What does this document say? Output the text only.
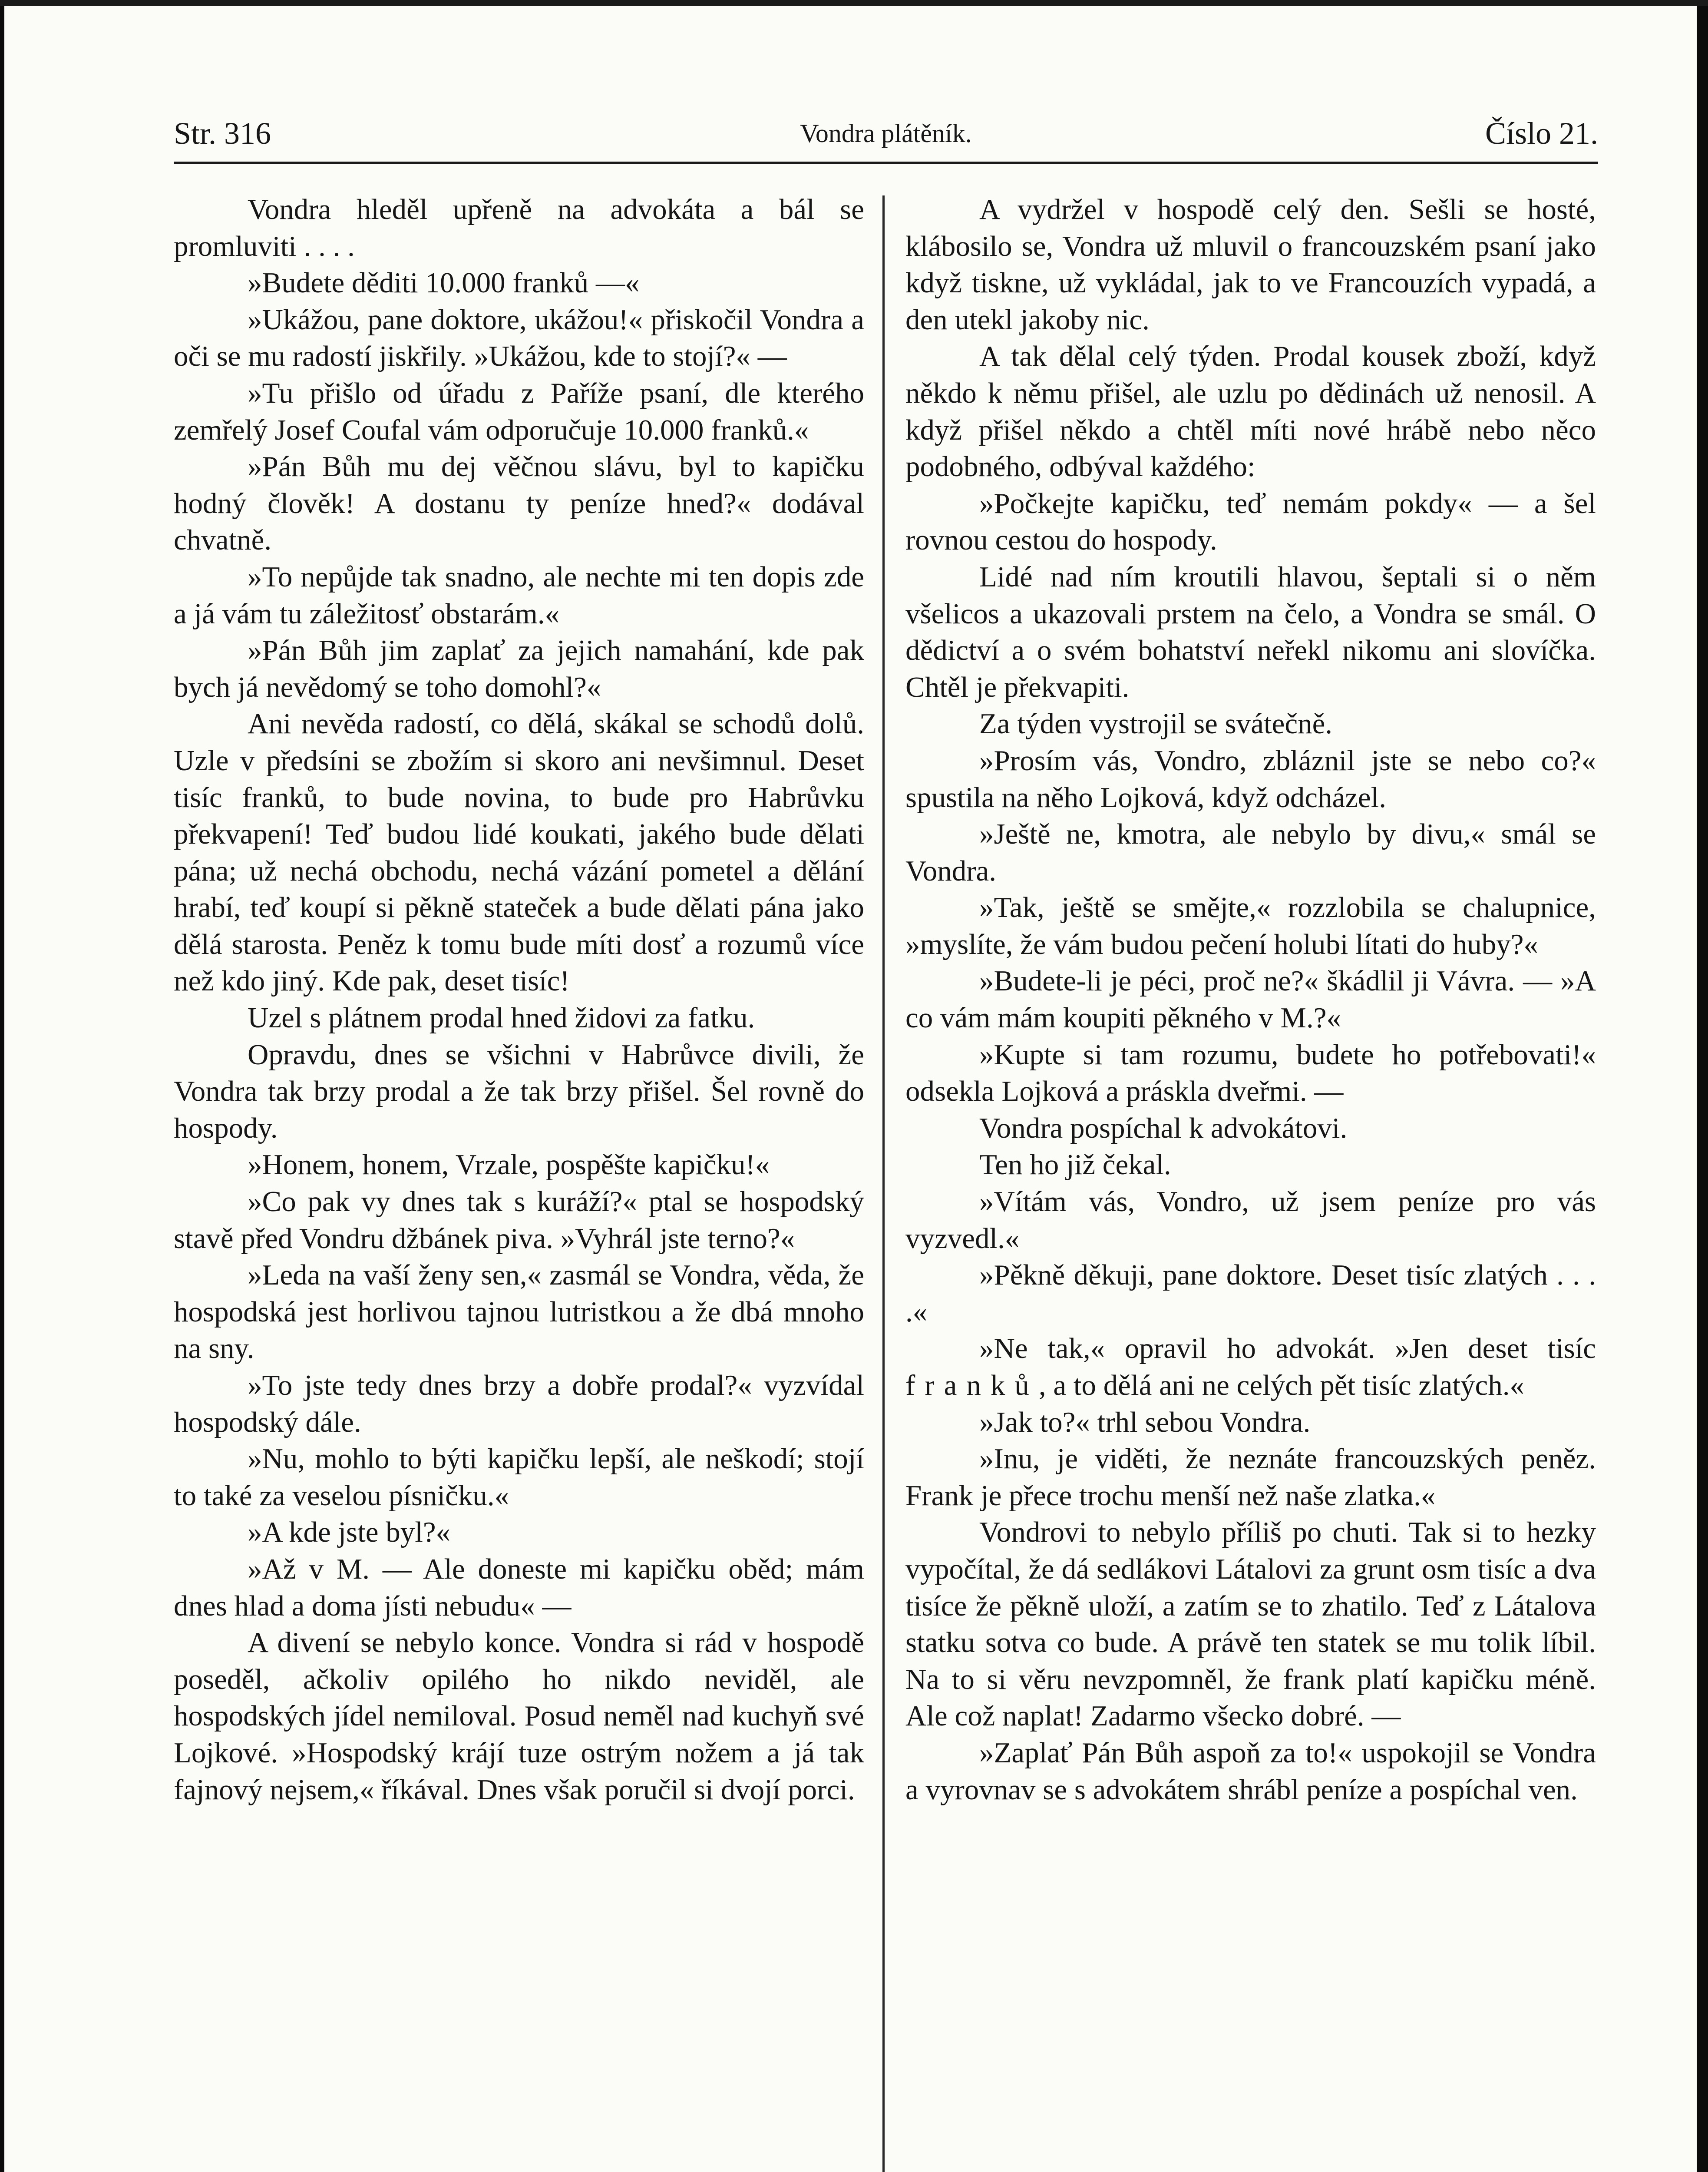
Str. 316	Vondra plátěník.	Číslo 21.

Vondra hleděl upřeně na advokáta a bál se promluviti . . . .

»Budete děditi 10.000 franků —«

»Ukážou, pane doktore, ukážou!« přiskočil Vondra a oči se mu radostí jiskřily. »Ukážou, kde to stojí?« —

»Tu přišlo od úřadu z Paříže psaní, dle kterého zemřelý Josef Coufal vám odporučuje 10.000 franků.«

»Pán Bůh mu dej věčnou slávu, byl to kapičku hodný člověk! A dostanu ty peníze hned?« dodával chvatně.

»To nepůjde tak snadno, ale nechte mi ten dopis zde a já vám tu záležitosť obstarám.«

»Pán Bůh jim zaplať za jejich namahání, kde pak bych já nevědomý se toho domohl?«

Ani nevěda radostí, co dělá, skákal se schodů dolů. Uzle v předsíni se zbožím si skoro ani nevšimnul. Deset tisíc franků, to bude novina, to bude pro Habrůvku překvapení! Teď budou lidé koukati, jakého bude dělati pána; už nechá obchodu, nechá vázání pometel a dělání hrabí, teď koupí si pěkně stateček a bude dělati pána jako dělá starosta. Peněz k tomu bude míti dosť a rozumů více než kdo jiný. Kde pak, deset tisíc!

Uzel s plátnem prodal hned židovi za fatku.

Opravdu, dnes se všichni v Habrůvce divili, že Vondra tak brzy prodal a že tak brzy přišel. Šel rovně do hospody.

»Honem, honem, Vrzale, pospěšte kapičku!«

»Co pak vy dnes tak s kuráží?« ptal se hospodský stavě před Vondru džbánek piva. »Vyhrál jste terno?«

»Leda na vaší ženy sen,« zasmál se Vondra, věda, že hospodská jest horlivou tajnou lutristkou a že dbá mnoho na sny.

»To jste tedy dnes brzy a dobře prodal?« vyzvídal hospodský dále.

»Nu, mohlo to býti kapičku lepší, ale neškodí; stojí to také za veselou písničku.«

»A kde jste byl?«

»Až v M. — Ale doneste mi kapičku oběd; mám dnes hlad a doma jísti nebudu« —

A divení se nebylo konce. Vondra si rád v hospodě poseděl, ačkoliv opilého ho nikdo neviděl, ale hospodských jídel nemiloval. Posud neměl nad kuchyň své Lojkové. »Hospodský krájí tuze ostrým nožem a já tak fajnový nejsem,« říkával. Dnes však poručil si dvojí porci.

A vydržel v hospodě celý den. Sešli se hosté, klábosilo se, Vondra už mluvil o francouzském psaní jako když tiskne, už vykládal, jak to ve Francouzích vypadá, a den utekl jakoby nic.

A tak dělal celý týden. Prodal kousek zboží, když někdo k němu přišel, ale uzlu po dědinách už nenosil. A když přišel někdo a chtěl míti nové hrábě nebo něco podobného, odbýval každého:

»Počkejte kapičku, teď nemám pokdy« — a šel rovnou cestou do hospody.

Lidé nad ním kroutili hlavou, šeptali si o něm všelicos a ukazovali prstem na čelo, a Vondra se smál. O dědictví a o svém bohatství neřekl nikomu ani slovíčka. Chtěl je překvapiti.

Za týden vystrojil se svátečně.

»Prosím vás, Vondro, zbláznil jste se nebo co?« spustila na něho Lojková, když odcházel.

»Ještě ne, kmotra, ale nebylo by divu,« smál se Vondra.

»Tak, ještě se smějte,« rozzlobila se chalupnice, »myslíte, že vám budou pečení holubi lítati do huby?«

»Budete-li je péci, proč ne?« škádlil ji Vávra. — »A co vám mám koupiti pěkného v M.?«

»Kupte si tam rozumu, budete ho potřebovati!« odsekla Lojková a práskla dveřmi. —

Vondra pospíchal k advokátovi.

Ten ho již čekal.

»Vítám vás, Vondro, už jsem peníze pro vás vyzvedl.«

»Pěkně děkuji, pane doktore. Deset tisíc zlatých . . . .«

»Ne tak,« opravil ho advokát. »Jen deset tisíc franků, a to dělá ani ne celých pět tisíc zlatých.«

»Jak to?« trhl sebou Vondra.

»Inu, je viděti, že neznáte francouzských peněz. Frank je přece trochu menší než naše zlatka.«

Vondrovi to nebylo příliš po chuti. Tak si to hezky vypočítal, že dá sedlákovi Látalovi za grunt osm tisíc a dva tisíce že pěkně uloží, a zatím se to zhatilo. Teď z Látalova statku sotva co bude. A právě ten statek se mu tolik líbil. Na to si věru nevzpomněl, že frank platí kapičku méně. Ale což naplat! Zadarmo všecko dobré. —

»Zaplať Pán Bůh aspoň za to!« uspokojil se Vondra a vyrovnav se s advokátem shrábl peníze a pospíchal ven.
